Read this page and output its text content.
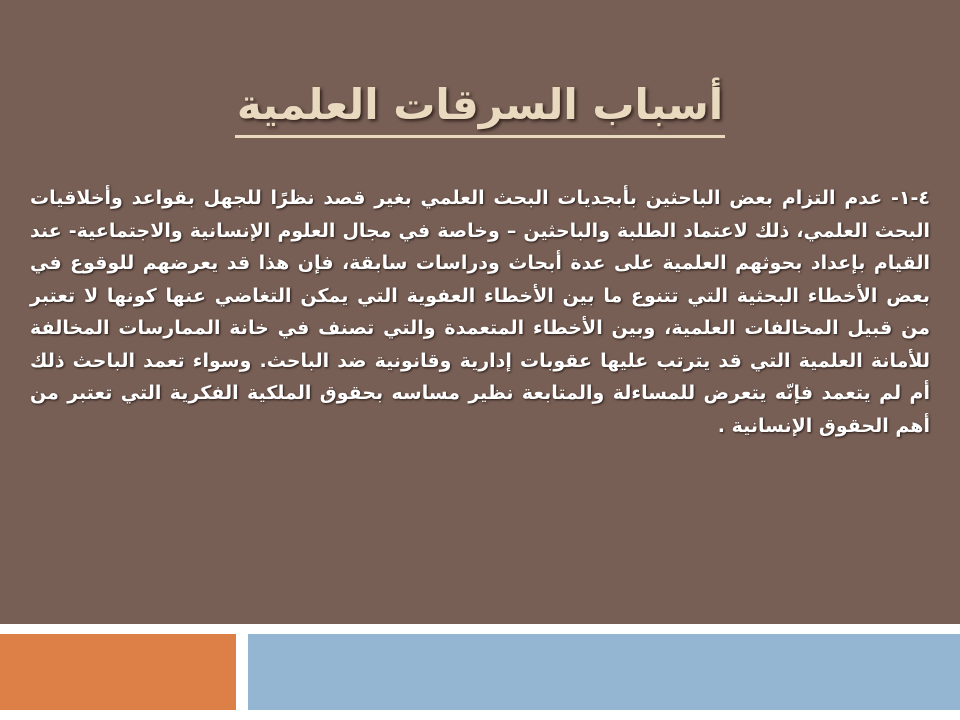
أسباب السرقات العلمية

٤-١- عدم التزام بعض الباحثين بأبجديات البحث العلمي بغير قصد نظرًا للجهل بقواعد وأخلاقيات البحث العلمي، ذلك لاعتماد الطلبة والباحثين – وخاصة في مجال العلوم الإنسانية والاجتماعية- عند القيام بإعداد بحوثهم العلمية على عدة أبحاث ودراسات سابقة، فإن هذا قد يعرضهم للوقوع في بعض الأخطاء البحثية التي تتنوع ما بين الأخطاء العفوية التي يمكن التغاضي عنها كونها لا تعتبر من قبيل المخالفات العلمية، وبين الأخطاء المتعمدة والتي تصنف في خانة الممارسات المخالفة للأمانة العلمية التي قد يترتب عليها عقوبات إدارية وقانونية ضد الباحث. وسواء تعمد الباحث ذلك أم لم يتعمد فإنّه يتعرض للمساءلة والمتابعة نظير مساسه بحقوق الملكية الفكرية التي تعتبر من أهم الحقوق الإنسانية .
